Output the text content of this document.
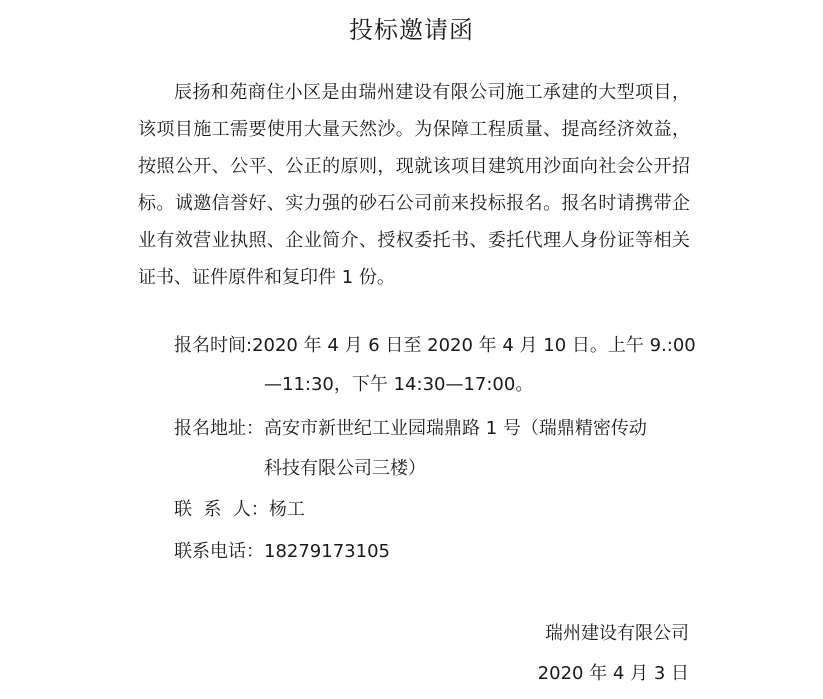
投标邀请函

辰扬和苑商住小区是由瑞州建设有限公司施工承建的大型项目，该项目施工需要使用大量天然沙。为保障工程质量、提高经济效益，按照公开、公平、公正的原则，现就该项目建筑用沙面向社会公开招标。诚邀信誉好、实力强的砂石公司前来投标报名。报名时请携带企业有效营业执照、企业简介、授权委托书、委托代理人身份证等相关证书、证件原件和复印件 1 份。

报名时间:2020 年 4 月 6 日至 2020 年 4 月 10 日。上午 9.:00
—11:30，下午 14:30—17:00。
报名地址：高安市新世纪工业园瑞鼎路 1 号（瑞鼎精密传动
科技有限公司三楼）
联  系  人：杨工
联系电话：18279173105
瑞州建设有限公司
2020 年 4 月 3 日
